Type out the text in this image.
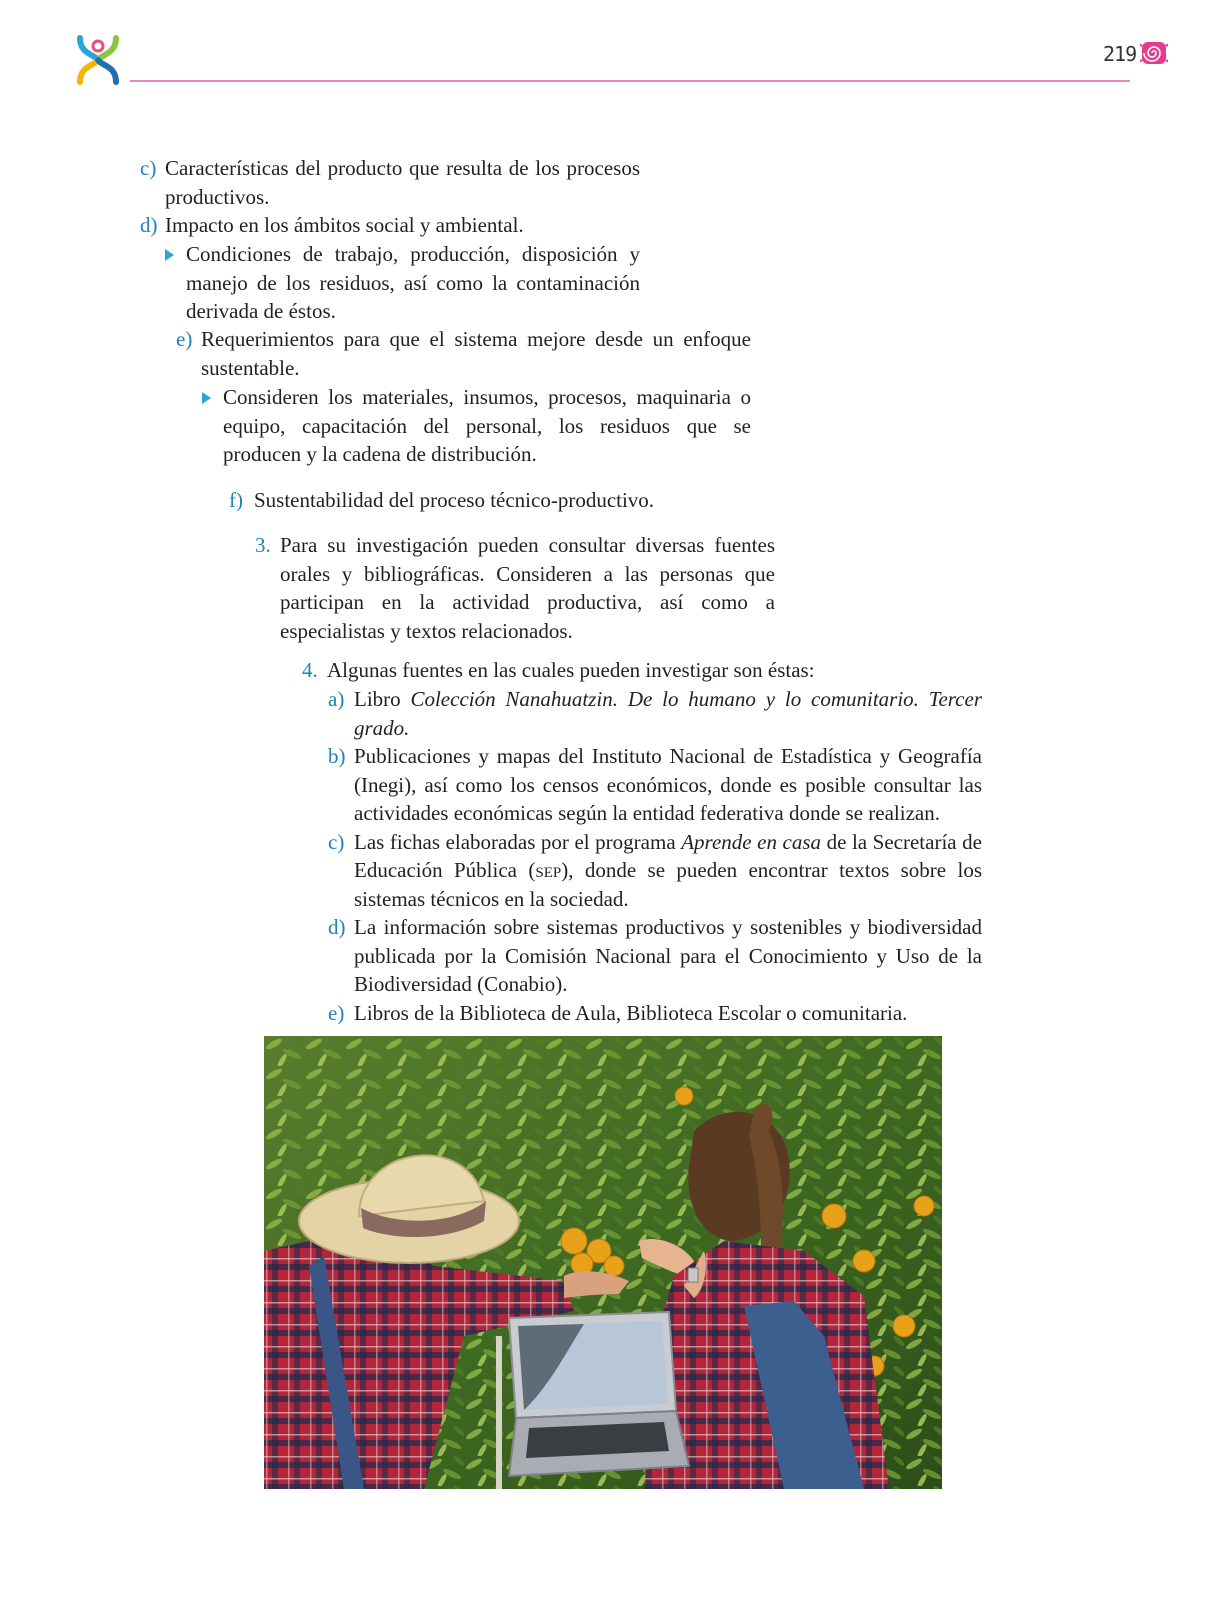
219

c) Características del producto que resulta de los procesos productivos.

d) Impacto en los ámbitos social y ambiental.

Condiciones de trabajo, producción, disposición y manejo de los residuos, así como la contaminación derivada de éstos.

e) Requerimientos para que el sistema mejore desde un enfoque sustentable.

Consideren los materiales, insumos, procesos, maquinaria o equipo, capacitación del personal, los residuos que se producen y la cadena de distribución.

f) Sustentabilidad del proceso técnico-productivo.

3. Para su investigación pueden consultar diversas fuentes orales y bibliográficas. Consideren a las personas que participan en la actividad productiva, así como a especialistas y textos relacionados.

4. Algunas fuentes en las cuales pueden investigar son éstas:

a) Libro Colección Nanahuatzin. De lo humano y lo comunitario. Tercer grado.

b) Publicaciones y mapas del Instituto Nacional de Estadística y Geografía (Inegi), así como los censos económicos, donde es posible consultar las actividades económicas según la entidad federativa donde se realizan.

c) Las fichas elaboradas por el programa Aprende en casa de la Secretaría de Educación Pública (sep), donde se pueden encontrar textos sobre los sistemas técnicos en la sociedad.

d) La información sobre sistemas productivos y sostenibles y biodiversidad publicada por la Comisión Nacional para el Conocimiento y Uso de la Biodiversidad (Conabio).

e) Libros de la Biblioteca de Aula, Biblioteca Escolar o comunitaria.
